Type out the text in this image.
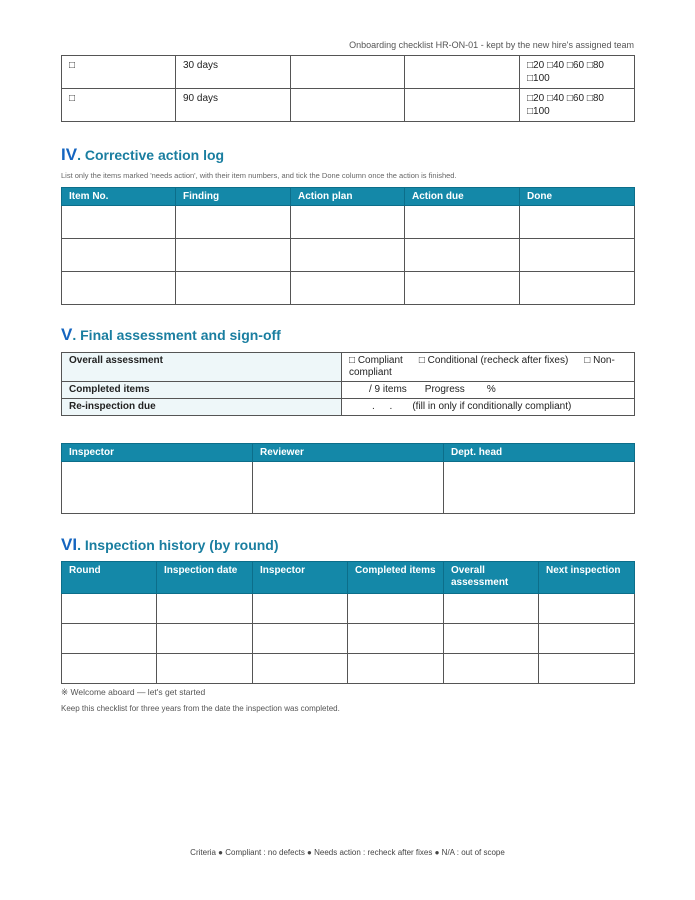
Onboarding checklist HR-ON-01 - kept by the new hire's assigned team
□	30 days			□20 □40 □60 □80
□100
□	90 days			□20 □40 □60 □80
□100
IV. Corrective action log
List only the items marked 'needs action', with their item numbers, and tick the Done column once the action is finished.
Item No.	Finding	Action plan	Action due	Done

V. Final assessment and sign-off
Overall assessment	□ Compliant □ Conditional (recheck after fixes) □ Non-compliant
Completed items	/ 9 items Progress %
Re-inspection due	. . (fill in only if conditionally compliant)
Inspector	Reviewer	Dept. head

VI. Inspection history (by round)
Round	Inspection date	Inspector	Completed items	Overall assessment	Next inspection

※ Welcome aboard — let's get started
Keep this checklist for three years from the date the inspection was completed.
Criteria ● Compliant : no defects ● Needs action : recheck after fixes ● N/A : out of scope
